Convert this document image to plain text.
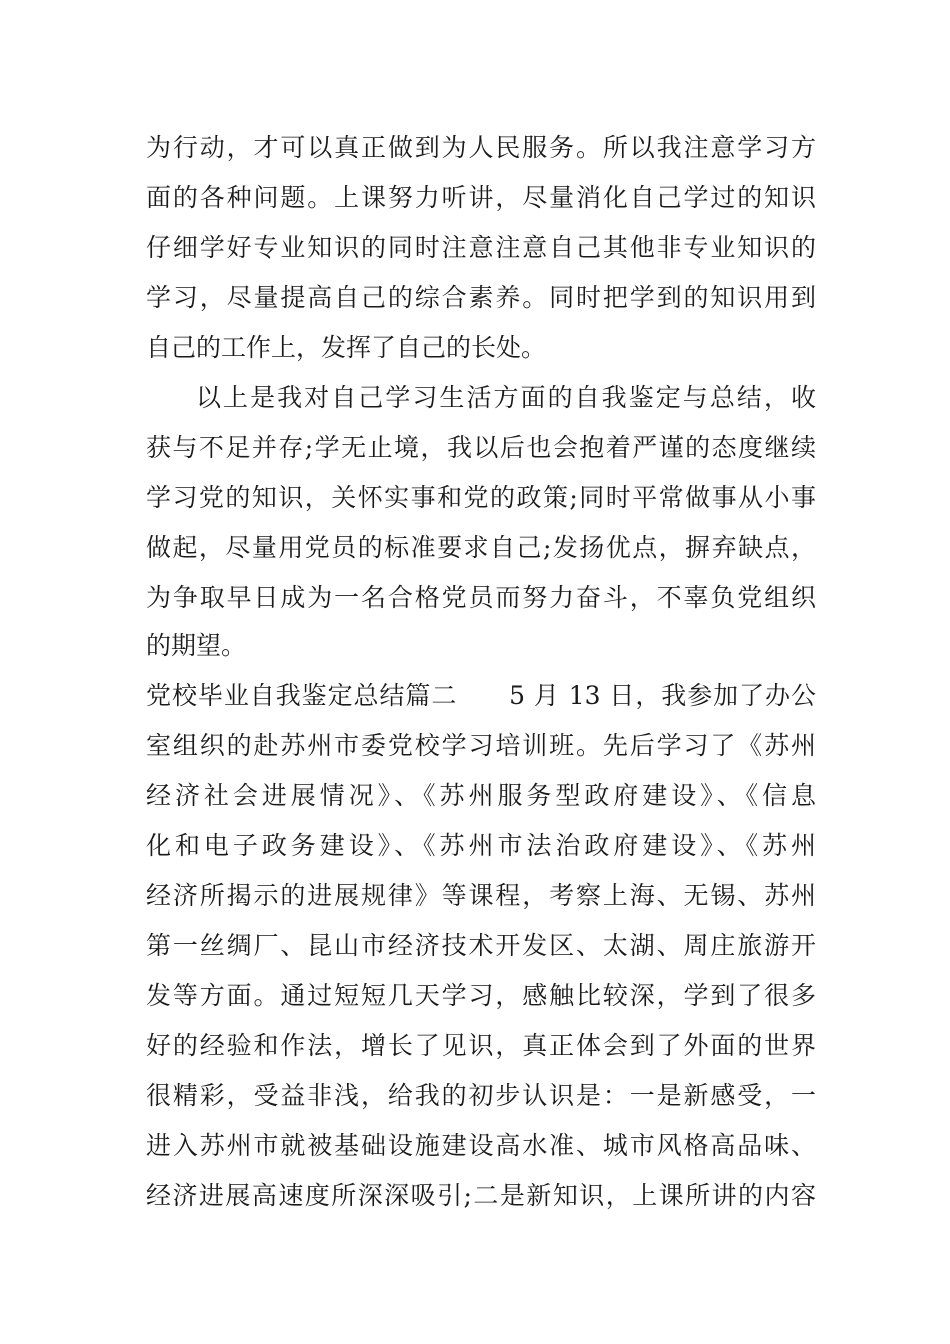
为行动，才可以真正做到为人民服务。所以我注意学习方
面的各种问题。上课努力听讲，尽量消化自己学过的知识
仔细学好专业知识的同时注意注意自己其他非专业知识的
学习，尽量提高自己的综合素养。同时把学到的知识用到
自己的工作上，发挥了自己的长处。
以上是我对自己学习生活方面的自我鉴定与总结，收
获与不足并存;学无止境，我以后也会抱着严谨的态度继续
学习党的知识，关怀实事和党的政策;同时平常做事从小事
做起，尽量用党员的标准要求自己;发扬优点，摒弃缺点，
为争取早日成为一名合格党员而努力奋斗，不辜负党组织
的期望。
党校毕业自我鉴定总结篇二　　5 月 13 日，我参加了办公
室组织的赴苏州市委党校学习培训班。先后学习了《苏州
经济社会进展情况》、《苏州服务型政府建设》、《信息
化和电子政务建设》、《苏州市法治政府建设》、《苏州
经济所揭示的进展规律》等课程，考察上海、无锡、苏州
第一丝绸厂、昆山市经济技术开发区、太湖、周庄旅游开
发等方面。通过短短几天学习，感触比较深，学到了很多
好的经验和作法，增长了见识，真正体会到了外面的世界
很精彩，受益非浅，给我的初步认识是：一是新感受，一
进入苏州市就被基础设施建设高水准、城市风格高品味、
经济进展高速度所深深吸引;二是新知识，上课所讲的内容
